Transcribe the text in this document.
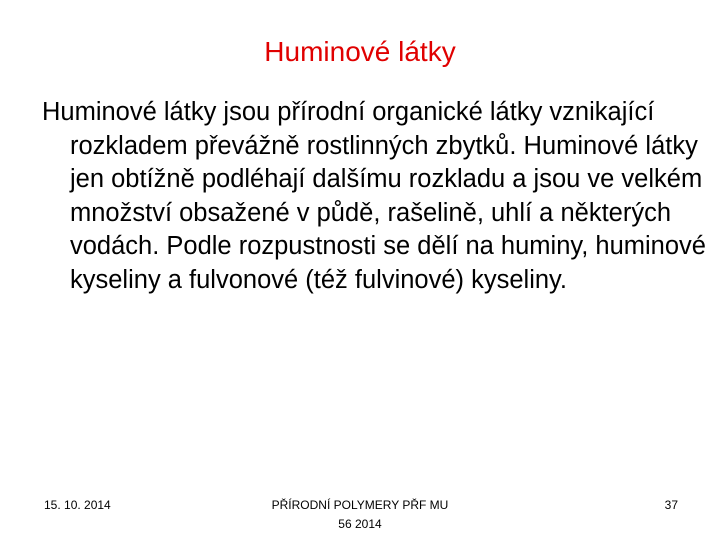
Huminové látky
Huminové látky jsou přírodní organické látky vznikající rozkladem převážně rostlinných zbytků. Huminové látky jen obtížně podléhají dalšímu rozkladu a jsou ve velkém množství obsažené v půdě, rašelině, uhlí a některých vodách. Podle rozpustnosti se dělí na huminy, huminové kyseliny a fulvonové (též fulvinové) kyseliny.
15. 10. 2014	PŘÍRODNÍ POLYMERY PŘF MU
56 2014
37
